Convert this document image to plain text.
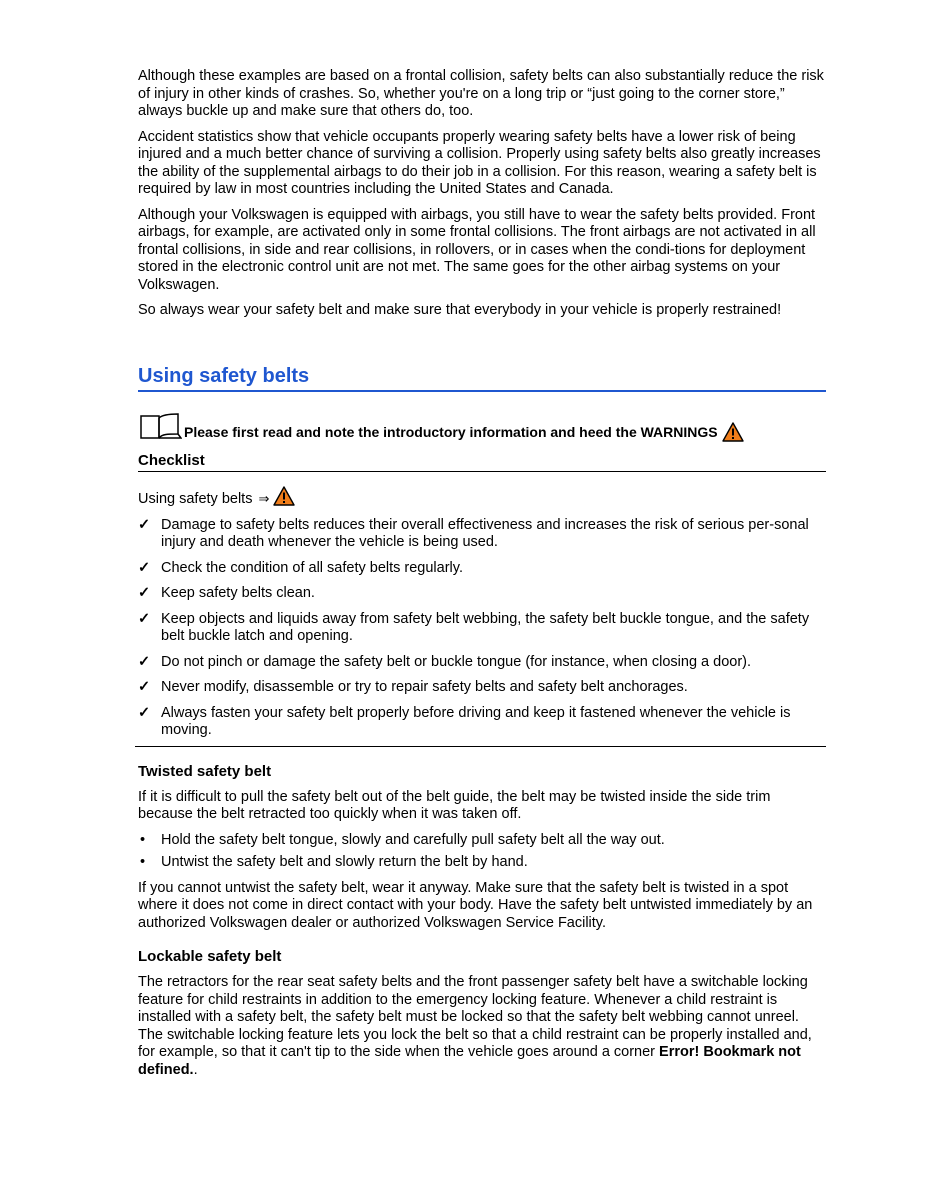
Although these examples are based on a frontal collision, safety belts can also substantially reduce the risk of injury in other kinds of crashes. So, whether you're on a long trip or “just going to the corner store,” always buckle up and make sure that others do, too.

Accident statistics show that vehicle occupants properly wearing safety belts have a lower risk of being injured and a much better chance of surviving a collision. Properly using safety belts also greatly increases the ability of the supplemental airbags to do their job in a collision. For this reason, wearing a safety belt is required by law in most countries including the United States and Canada.

Although your Volkswagen is equipped with airbags, you still have to wear the safety belts provided. Front airbags, for example, are activated only in some frontal collisions. The front airbags are not activated in all frontal collisions, in side and rear collisions, in rollovers, or in cases when the condi-tions for deployment stored in the electronic control unit are not met. The same goes for the other airbag systems on your Volkswagen.

So always wear your safety belt and make sure that everybody in your vehicle is properly restrained!

Using safety belts
Please first read and note the introductory information and heed the WARNINGS
Checklist
Using safety belts ⇒
✓ Damage to safety belts reduces their overall effectiveness and increases the risk of serious per-sonal injury and death whenever the vehicle is being used.
✓ Check the condition of all safety belts regularly.
✓ Keep safety belts clean.
✓ Keep objects and liquids away from safety belt webbing, the safety belt buckle tongue, and the safety belt buckle latch and opening.
✓ Do not pinch or damage the safety belt or buckle tongue (for instance, when closing a door).
✓ Never modify, disassemble or try to repair safety belts and safety belt anchorages.
✓ Always fasten your safety belt properly before driving and keep it fastened whenever the vehicle is moving.
Twisted safety belt

If it is difficult to pull the safety belt out of the belt guide, the belt may be twisted inside the side trim because the belt retracted too quickly when it was taken off.

• Hold the safety belt tongue, slowly and carefully pull safety belt all the way out.
• Untwist the safety belt and slowly return the belt by hand.

If you cannot untwist the safety belt, wear it anyway. Make sure that the safety belt is twisted in a spot where it does not come in direct contact with your body. Have the safety belt untwisted immediately by an authorized Volkswagen dealer or authorized Volkswagen Service Facility.

Lockable safety belt

The retractors for the rear seat safety belts and the front passenger safety belt have a switchable locking feature for child restraints in addition to the emergency locking feature. Whenever a child restraint is installed with a safety belt, the safety belt must be locked so that the safety belt webbing cannot unreel. The switchable locking feature lets you lock the belt so that a child restraint can be properly installed and, for example, so that it can't tip to the side when the vehicle goes around a corner Error! Bookmark not defined..
